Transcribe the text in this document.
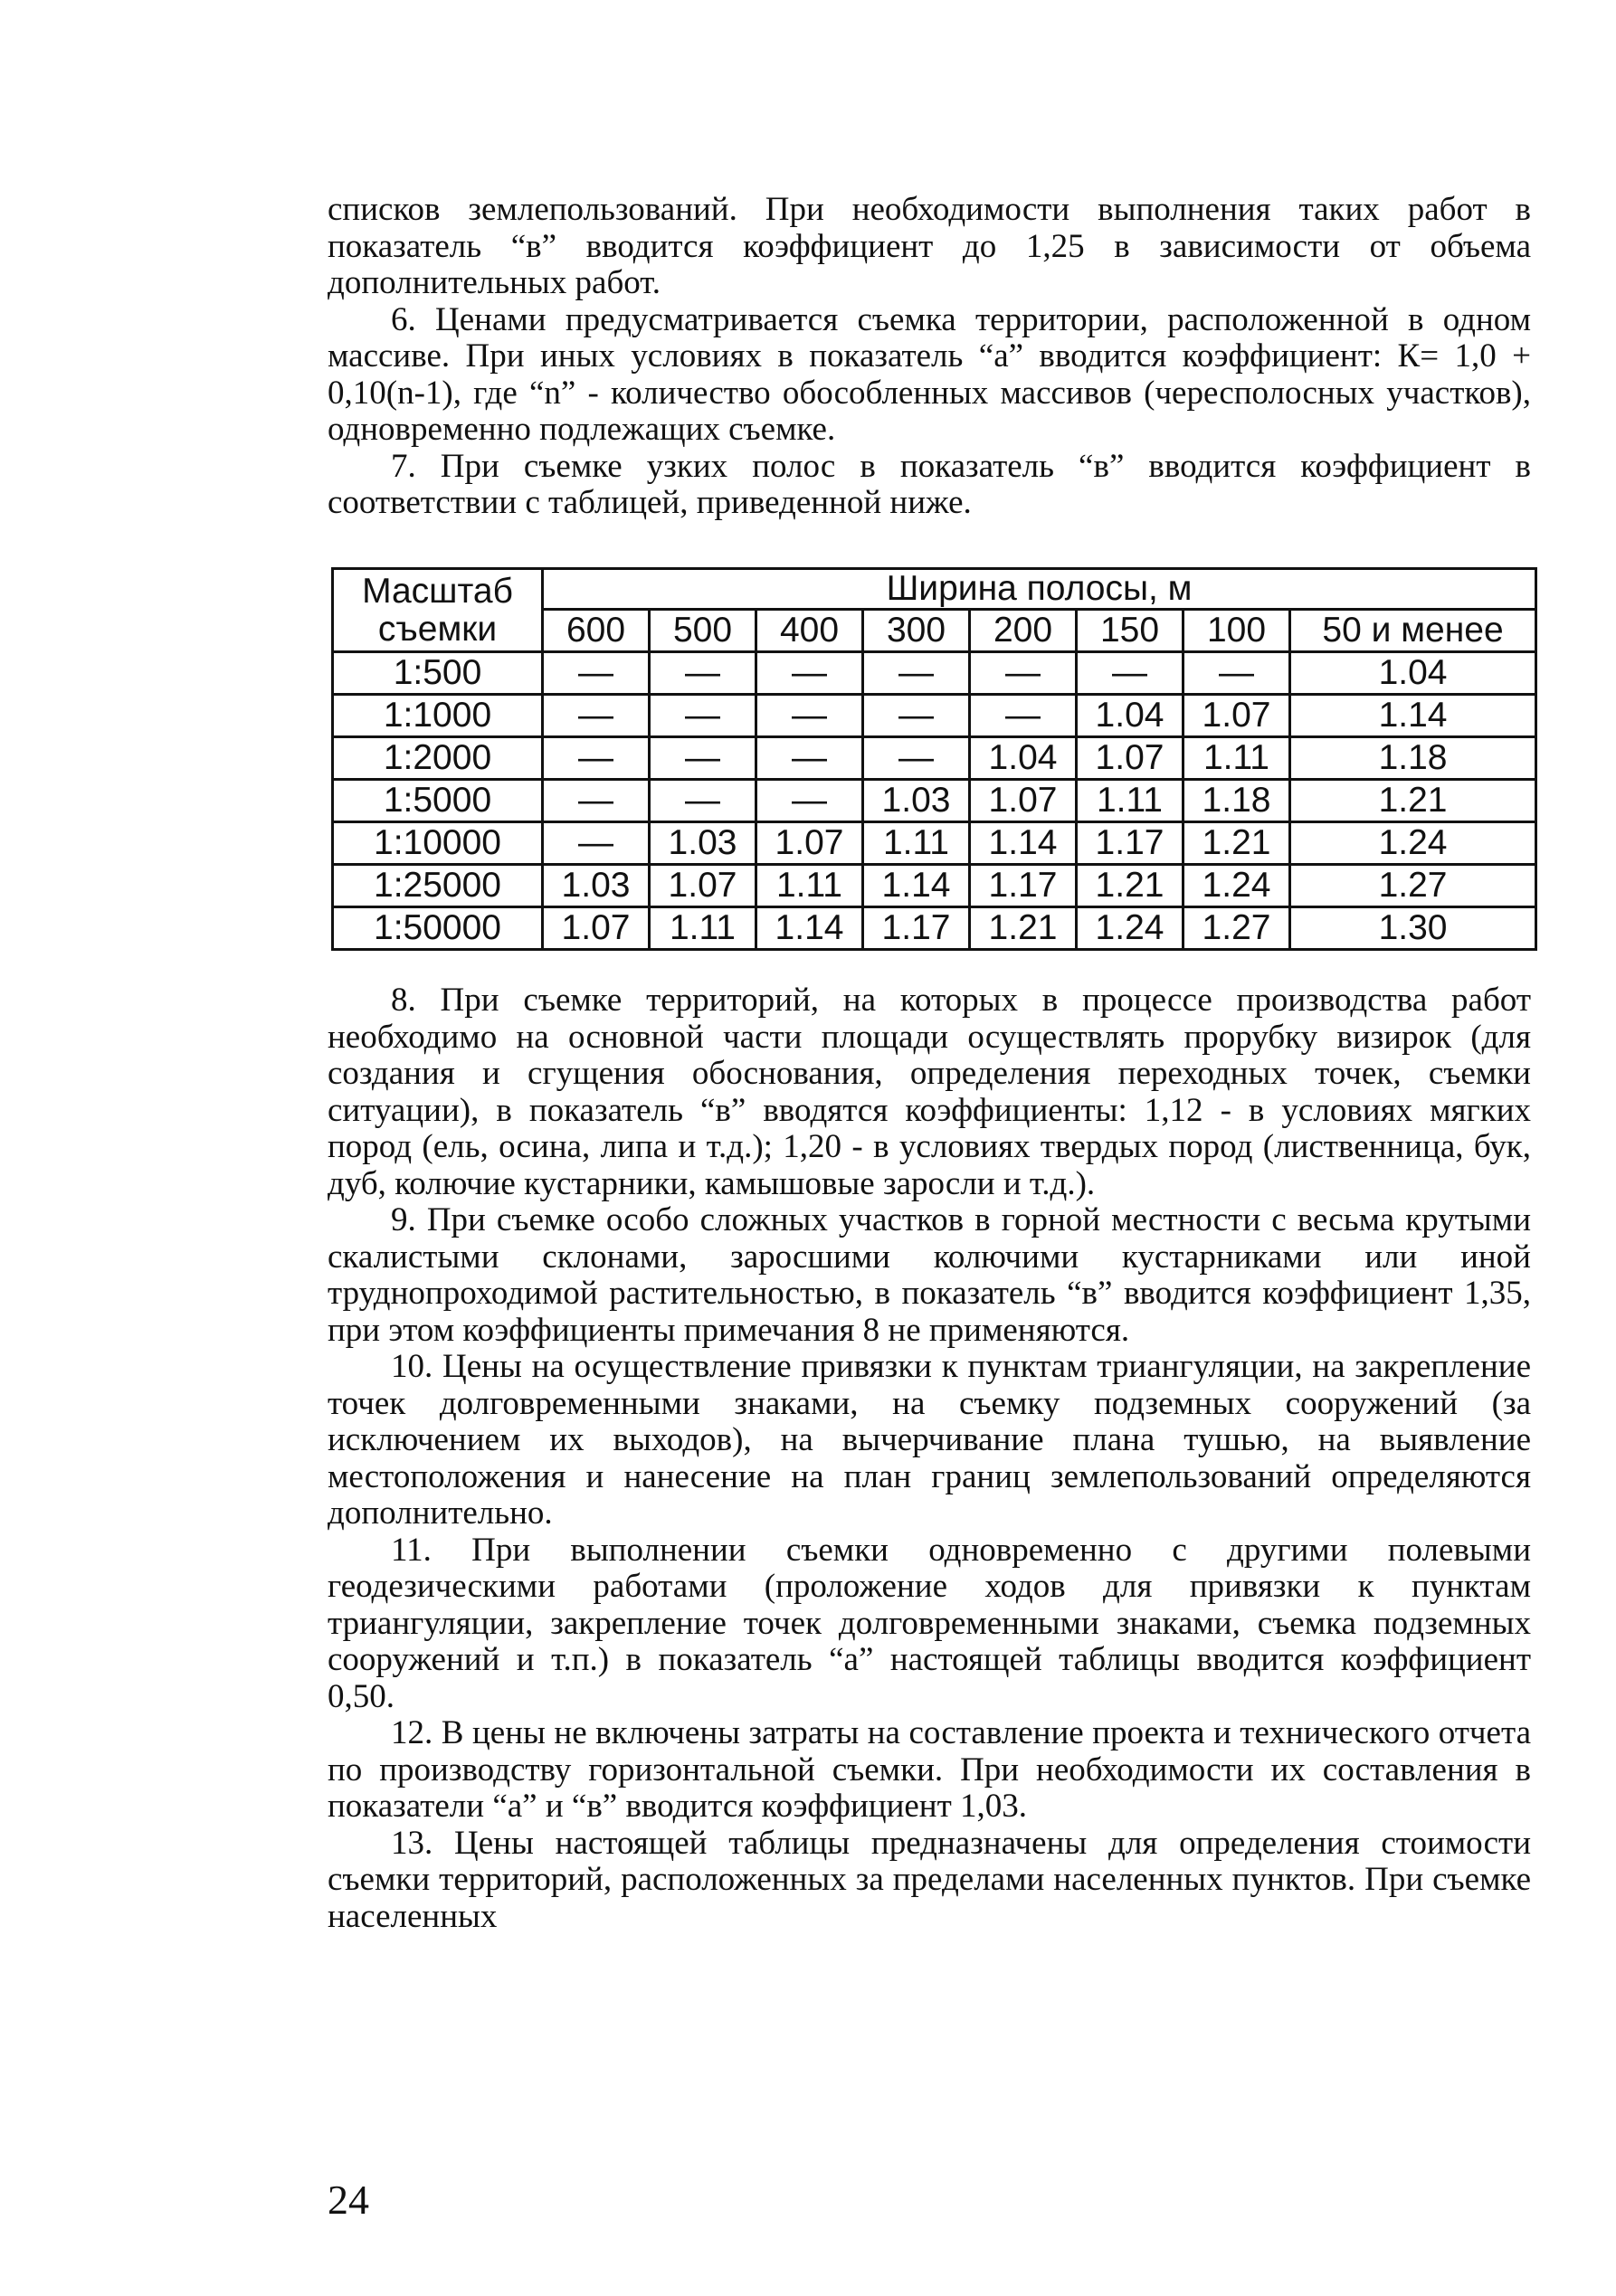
списков землепользований. При необходимости выполнения таких работ в показатель “в” вводится коэффициент до 1,25 в зависимости от объема дополнительных работ.

6. Ценами предусматривается съемка территории, расположенной в одном массиве. При иных условиях в показатель “а” вводится коэффициент: К= 1,0 + 0,10(n-1), где “n” - количество обособленных массивов (чересполосных участков), одновременно подлежащих съемке.

7. При съемке узких полос в показатель “в” вводится коэффициент в соответствии с таблицей, приведенной ниже.

Масштаб
съемки	Ширина полосы, м							
	600	500	400	300	200	150	100	50 и менее
1:500	—	—	—	—	—	—	—	1.04
1:1000	—	—	—	—	—	1.04	1.07	1.14
1:2000	—	—	—	—	1.04	1.07	1.11	1.18
1:5000	—	—	—	1.03	1.07	1.11	1.18	1.21
1:10000	—	1.03	1.07	1.11	1.14	1.17	1.21	1.24
1:25000	1.03	1.07	1.11	1.14	1.17	1.21	1.24	1.27
1:50000	1.07	1.11	1.14	1.17	1.21	1.24	1.27	1.30

8. При съемке территорий, на которых в процессе производства работ необходимо на основной части площади осуществлять прорубку визирок (для создания и сгущения обоснования, определения переходных точек, съемки ситуации), в показатель “в” вводятся коэффициенты: 1,12 - в условиях мягких пород (ель, осина, липа и т.д.); 1,20 - в условиях твердых пород (лиственница, бук, дуб, колючие кустарники, камышовые заросли и т.д.).

9. При съемке особо сложных участков в горной местности с весьма крутыми скалистыми склонами, заросшими колючими кустарниками или иной труднопроходимой растительностью, в показатель “в” вводится коэффициент 1,35, при этом коэффициенты примечания 8 не применяются.

10. Цены на осуществление привязки к пунктам триангуляции, на закрепление точек долговременными знаками, на съемку подземных сооружений (за исключением их выходов), на вычерчивание плана тушью, на выявление местоположения и нанесение на план границ землепользований определяются дополнительно.

11. При выполнении съемки одновременно с другими полевыми геодезическими работами (проложение ходов для привязки к пунктам триангуляции, закрепление точек долговременными знаками, съемка подземных сооружений и т.п.) в показатель “а” настоящей таблицы вводится коэффициент 0,50.

12. В цены не включены затраты на составление проекта и технического отчета по производству горизонтальной съемки. При необходимости их составления в показатели “а” и “в” вводится коэффициент 1,03.

13. Цены настоящей таблицы предназначены для определения стоимости съемки территорий, расположенных за пределами населенных пунктов. При съемке населенных

24
